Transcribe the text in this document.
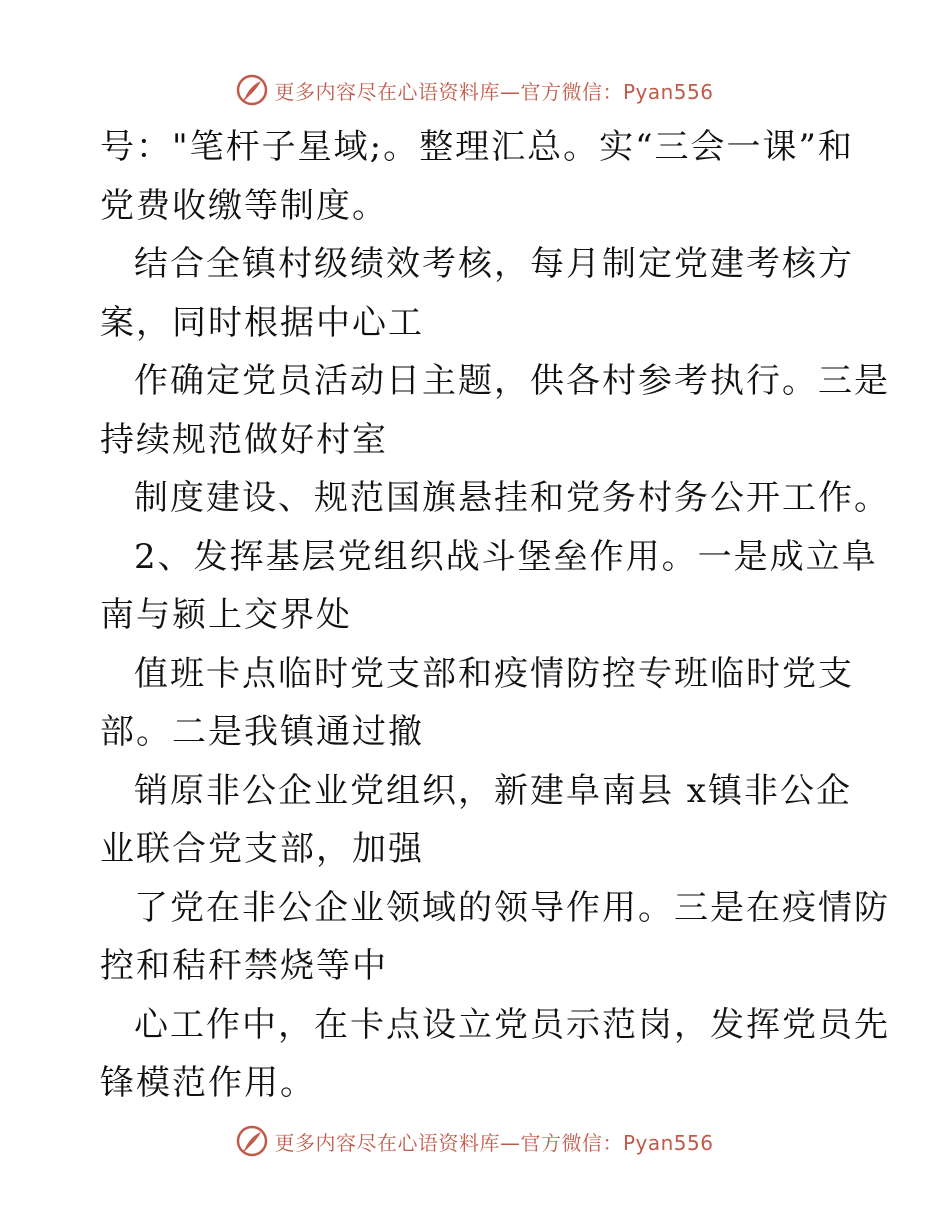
更多内容尽在心语资料库—官方微信：Pyan556
号："笔杆子星域;。整理汇总。实“三会一课”和
党费收缴等制度。
结合全镇村级绩效考核，每月制定党建考核方
案，同时根据中心工
作确定党员活动日主题，供各村参考执行。三是
持续规范做好村室
制度建设、规范国旗悬挂和党务村务公开工作。
2、发挥基层党组织战斗堡垒作用。一是成立阜
南与颍上交界处
值班卡点临时党支部和疫情防控专班临时党支
部。二是我镇通过撤
销原非公企业党组织，新建阜南县 x镇非公企
业联合党支部，加强
了党在非公企业领域的领导作用。三是在疫情防
控和秸秆禁烧等中
心工作中，在卡点设立党员示范岗，发挥党员先
锋模范作用。
更多内容尽在心语资料库—官方微信：Pyan556
